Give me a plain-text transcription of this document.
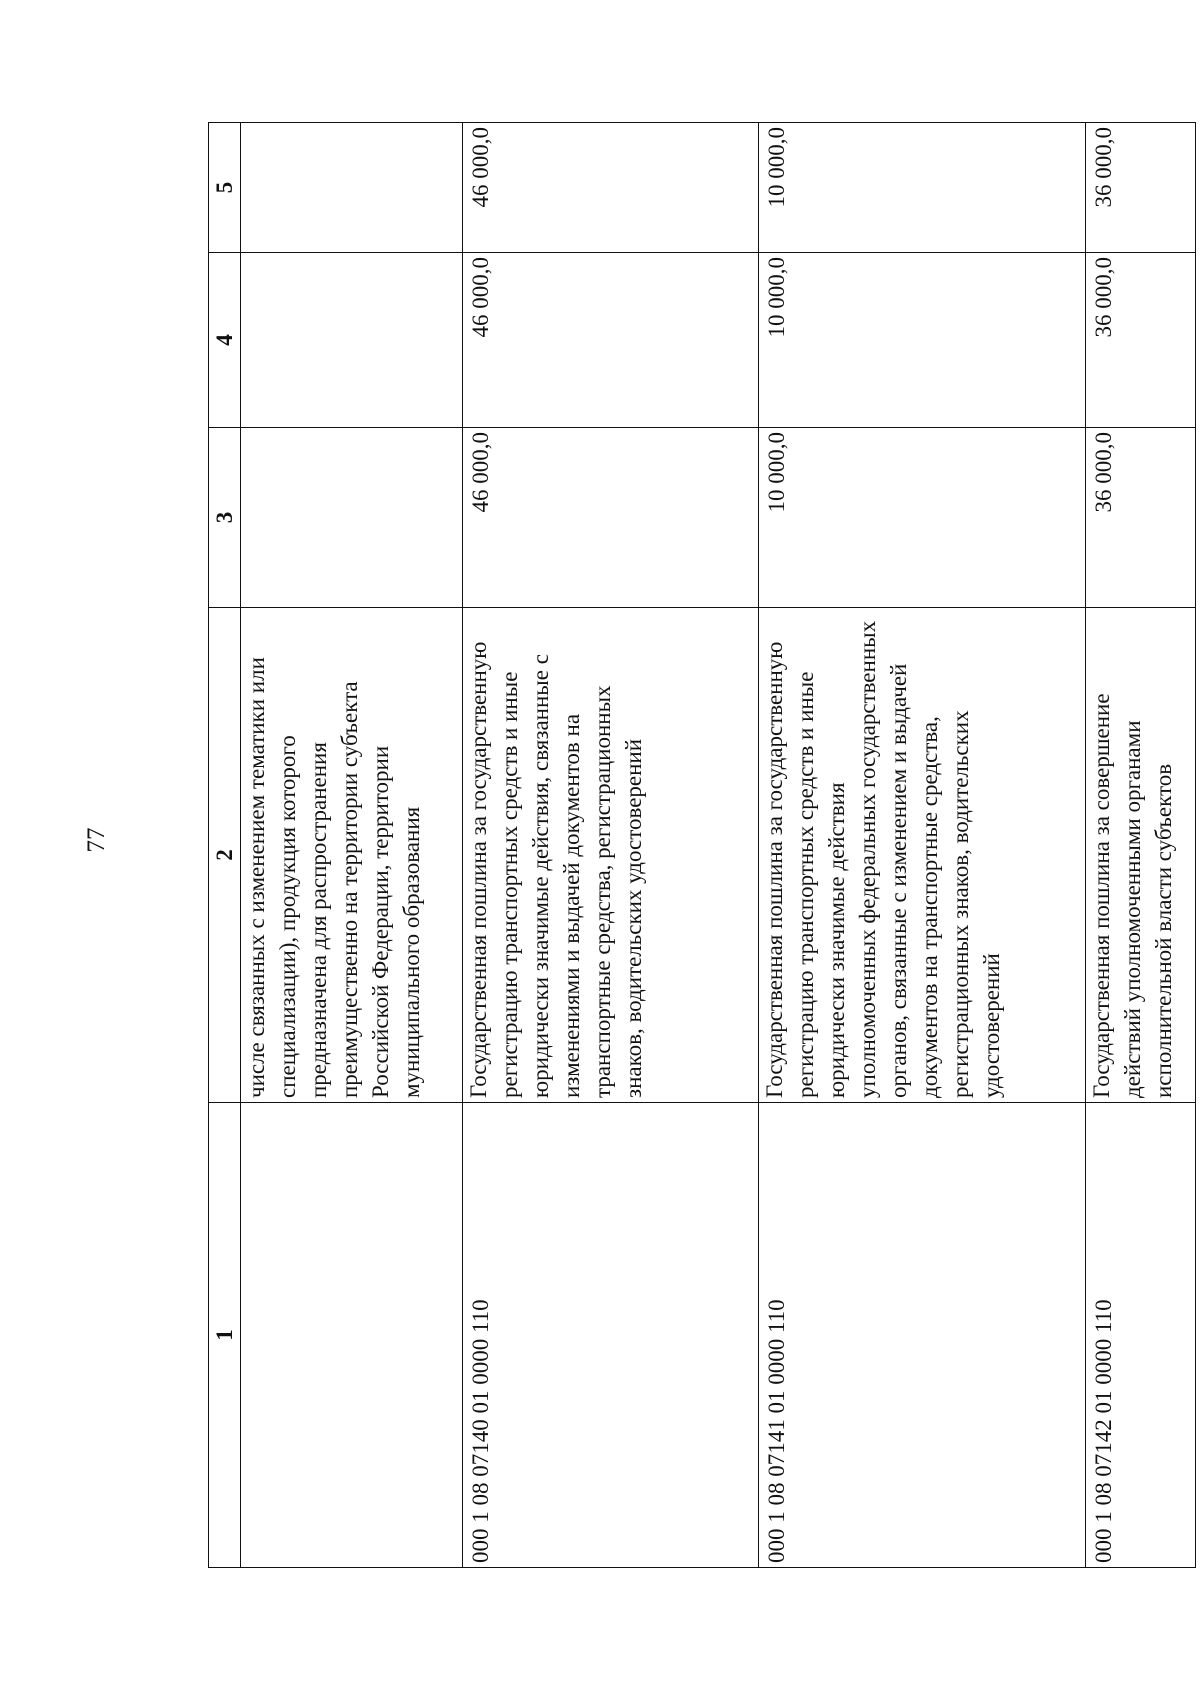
77
1	2	3	4	5
	числе связанных с изменением тематики или специализации), продукция которого предназначена для распространения преимущественно на территории субъекта Российской Федерации, территории муниципального образования			
000 1 08 07140 01 0000 110	Государственная пошлина за государственную регистрацию транспортных средств и иные юридически значимые действия, связанные с изменениями и выдачей документов на транспортные средства, регистрационных знаков, водительских удостоверений	46 000,0	46 000,0	46 000,0
000 1 08 07141 01 0000 110	Государственная пошлина за государственную регистрацию транспортных средств и иные юридически значимые действия уполномоченных федеральных государственных органов, связанные с изменением и выдачей документов на транспортные средства, регистрационных знаков, водительских удостоверений	10 000,0	10 000,0	10 000,0
000 1 08 07142 01 0000 110	Государственная пошлина за совершение действий уполномоченными органами исполнительной власти субъектов	36 000,0	36 000,0	36 000,0
